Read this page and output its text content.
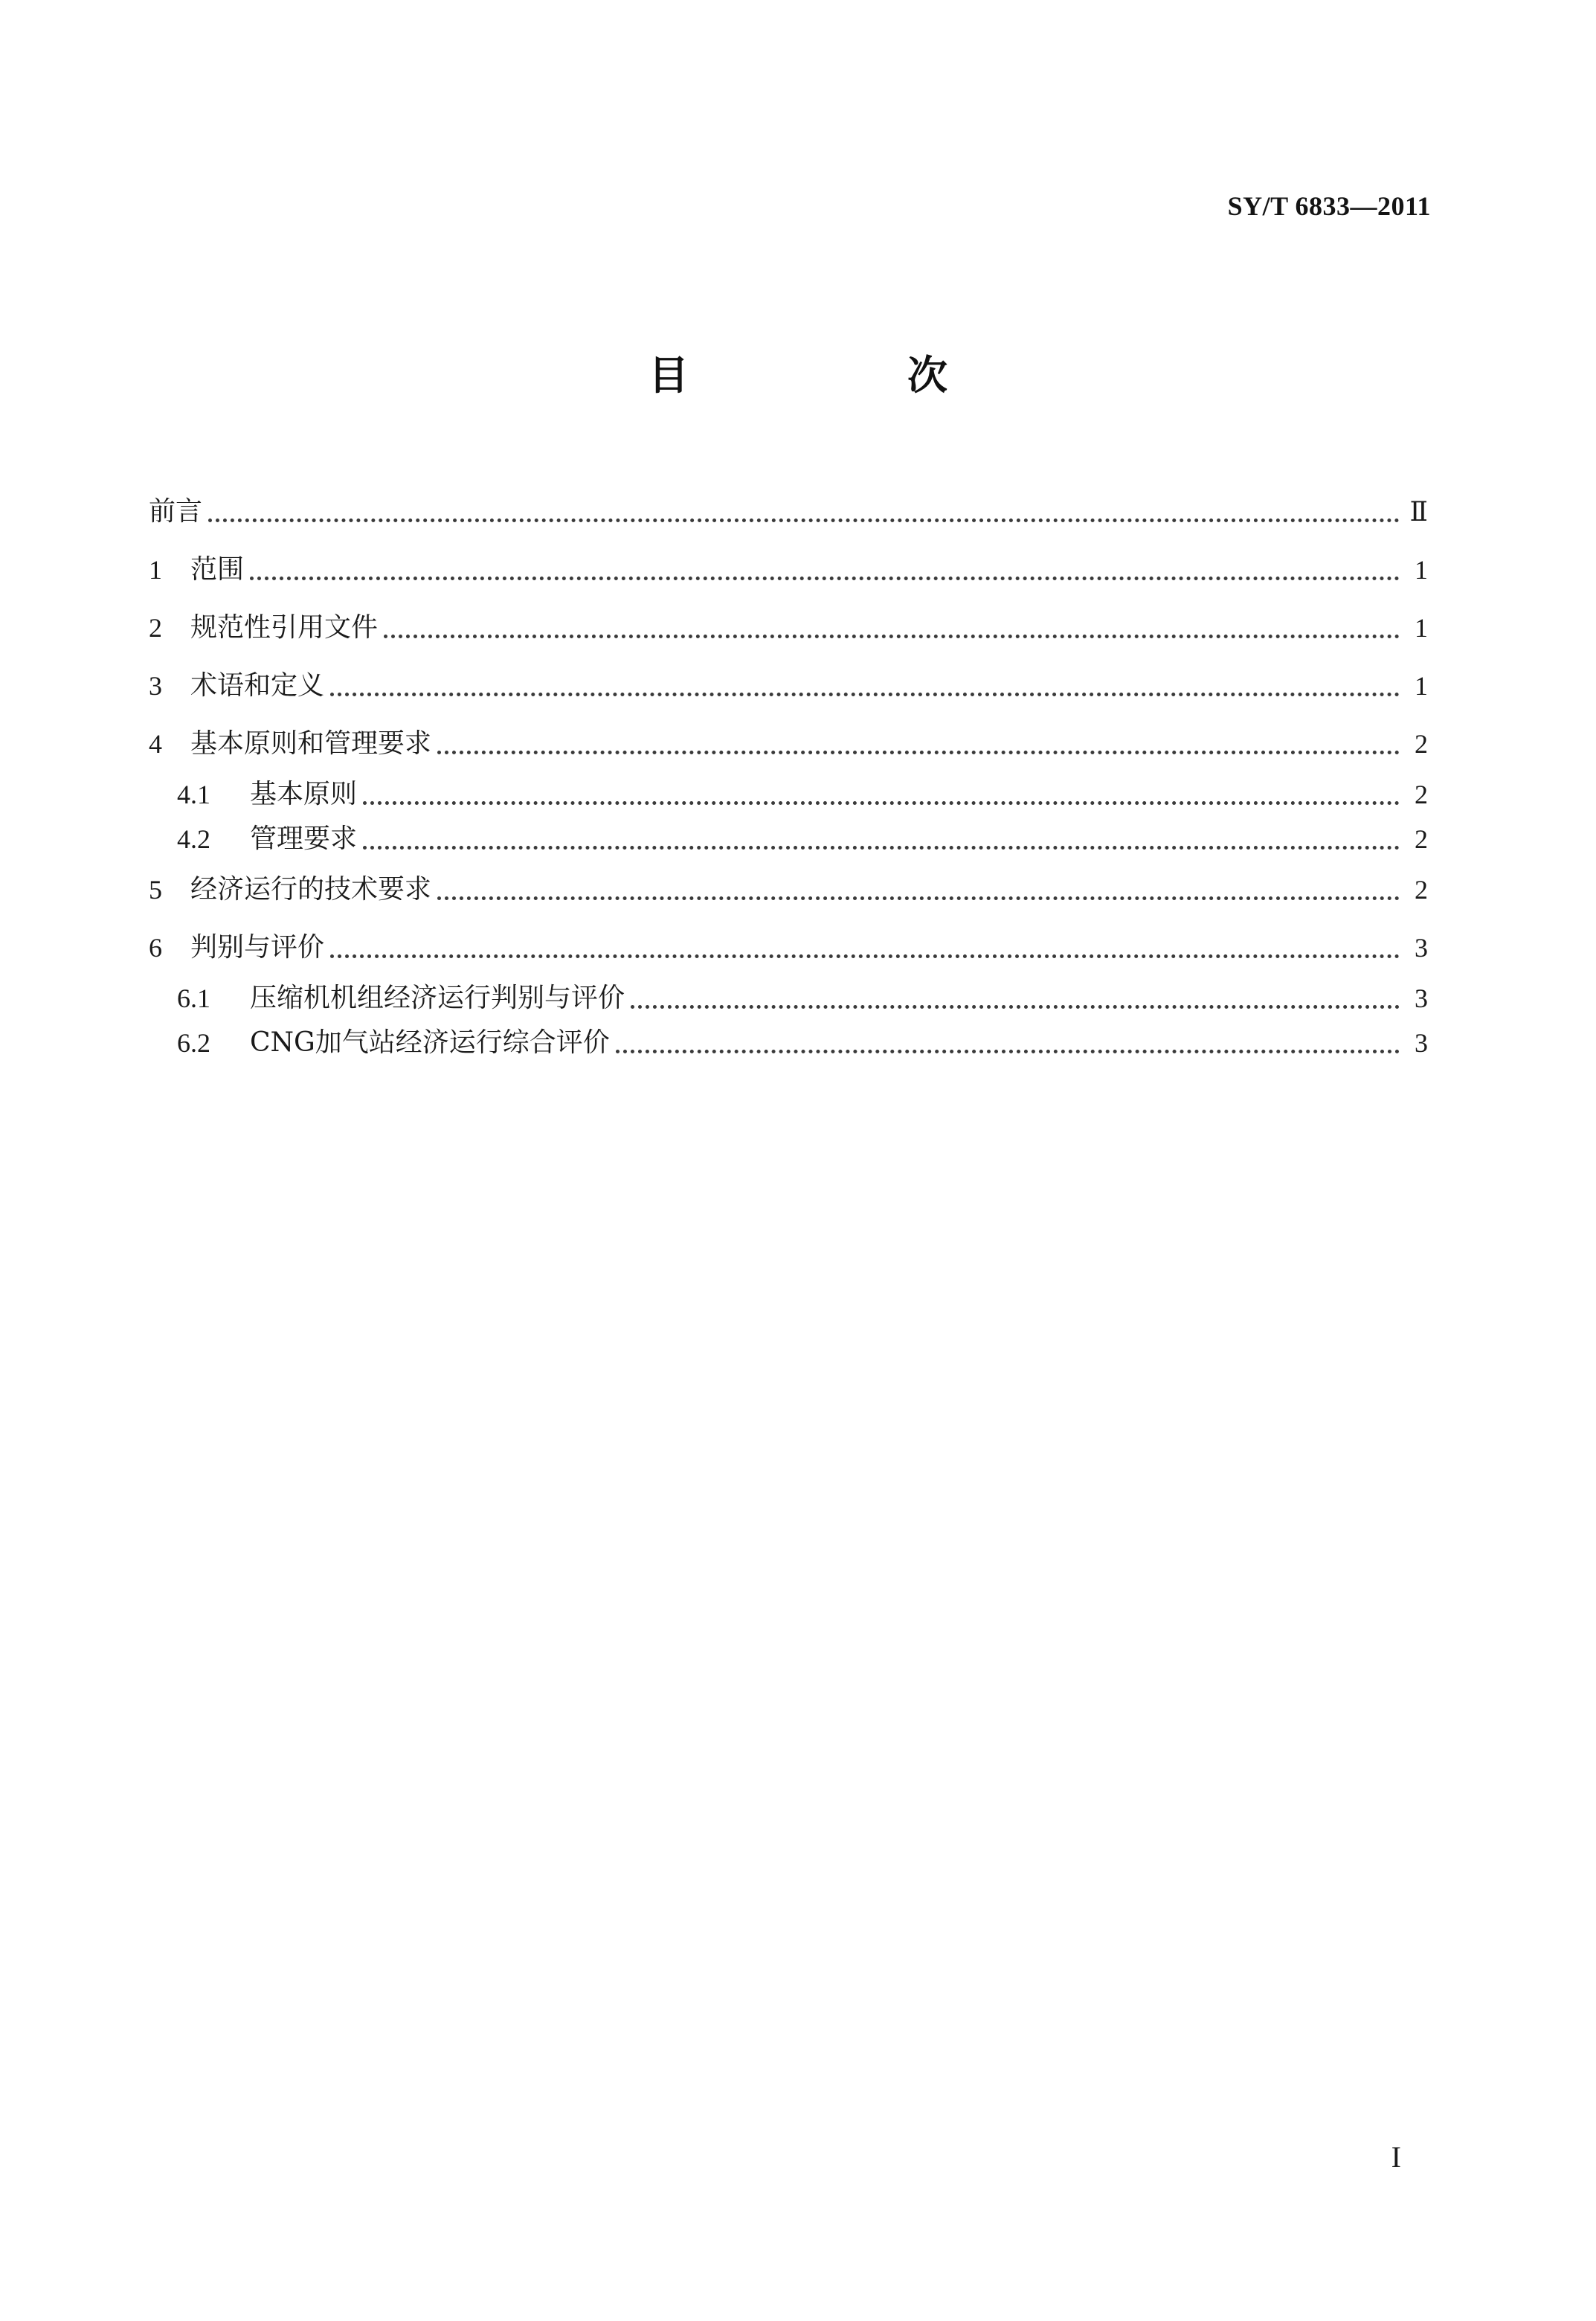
SY/T 6833—2011
目　次
前言	Ⅱ
1	范围	1
2	规范性引用文件	1
3	术语和定义	1
4	基本原则和管理要求	2
4.1	基本原则	2
4.2	管理要求	2
5	经济运行的技术要求	2
6	判别与评价	3
6.1	压缩机机组经济运行判别与评价	3
6.2	CNG加气站经济运行综合评价	3
I
